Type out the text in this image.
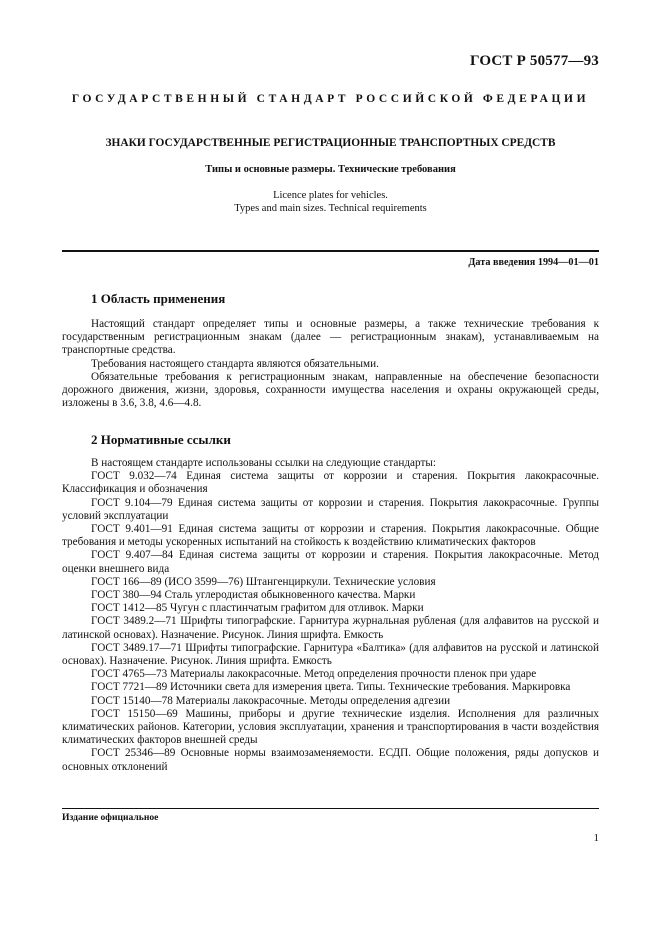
ГОСТ Р 50577—93
ГОСУДАРСТВЕННЫЙ СТАНДАРТ РОССИЙСКОЙ ФЕДЕРАЦИИ
ЗНАКИ ГОСУДАРСТВЕННЫЕ РЕГИСТРАЦИОННЫЕ ТРАНСПОРТНЫХ СРЕДСТВ
Типы и основные размеры. Технические требования
Licence plates for vehicles.
Types and main sizes. Technical requirements
Дата введения 1994—01—01
1 Область применения

Настоящий стандарт определяет типы и основные размеры, а также технические требования к государственным регистрационным знакам (далее — регистрационным знакам), устанавливаемым на транспортные средства.

Требования настоящего стандарта являются обязательными.

Обязательные требования к регистрационным знакам, направленные на обеспечение безопасности дорожного движения, жизни, здоровья, сохранности имущества населения и охраны окружающей среды, изложены в 3.6, 3.8, 4.6—4.8.

2 Нормативные ссылки

В настоящем стандарте использованы ссылки на следующие стандарты:

ГОСТ 9.032—74 Единая система защиты от коррозии и старения. Покрытия лакокрасочные. Классификация и обозначения

ГОСТ 9.104—79 Единая система защиты от коррозии и старения. Покрытия лакокрасочные. Группы условий эксплуатации

ГОСТ 9.401—91 Единая система защиты от коррозии и старения. Покрытия лакокрасочные. Общие требования и методы ускоренных испытаний на стойкость к воздействию климатических факторов

ГОСТ 9.407—84 Единая система защиты от коррозии и старения. Покрытия лакокрасочные. Метод оценки внешнего вида

ГОСТ 166—89 (ИСО 3599—76) Штангенциркули. Технические условия

ГОСТ 380—94 Сталь углеродистая обыкновенного качества. Марки

ГОСТ 1412—85 Чугун с пластинчатым графитом для отливок. Марки

ГОСТ 3489.2—71 Шрифты типографские. Гарнитура журнальная рубленая (для алфавитов на русской и латинской основах). Назначение. Рисунок. Линия шрифта. Емкость

ГОСТ 3489.17—71 Шрифты типографские. Гарнитура «Балтика» (для алфавитов на русской и латинской основах). Назначение. Рисунок. Линия шрифта. Емкость

ГОСТ 4765—73 Материалы лакокрасочные. Метод определения прочности пленок при ударе

ГОСТ 7721—89 Источники света для измерения цвета. Типы. Технические требования. Маркировка

ГОСТ 15140—78 Материалы лакокрасочные. Методы определения адгезии

ГОСТ 15150—69 Машины, приборы и другие технические изделия. Исполнения для различных климатических районов. Категории, условия эксплуатации, хранения и транспортирования в части воздействия климатических факторов внешней среды

ГОСТ 25346—89 Основные нормы взаимозаменяемости. ЕСДП. Общие положения, ряды допусков и основных отклонений

Издание официальное
1
